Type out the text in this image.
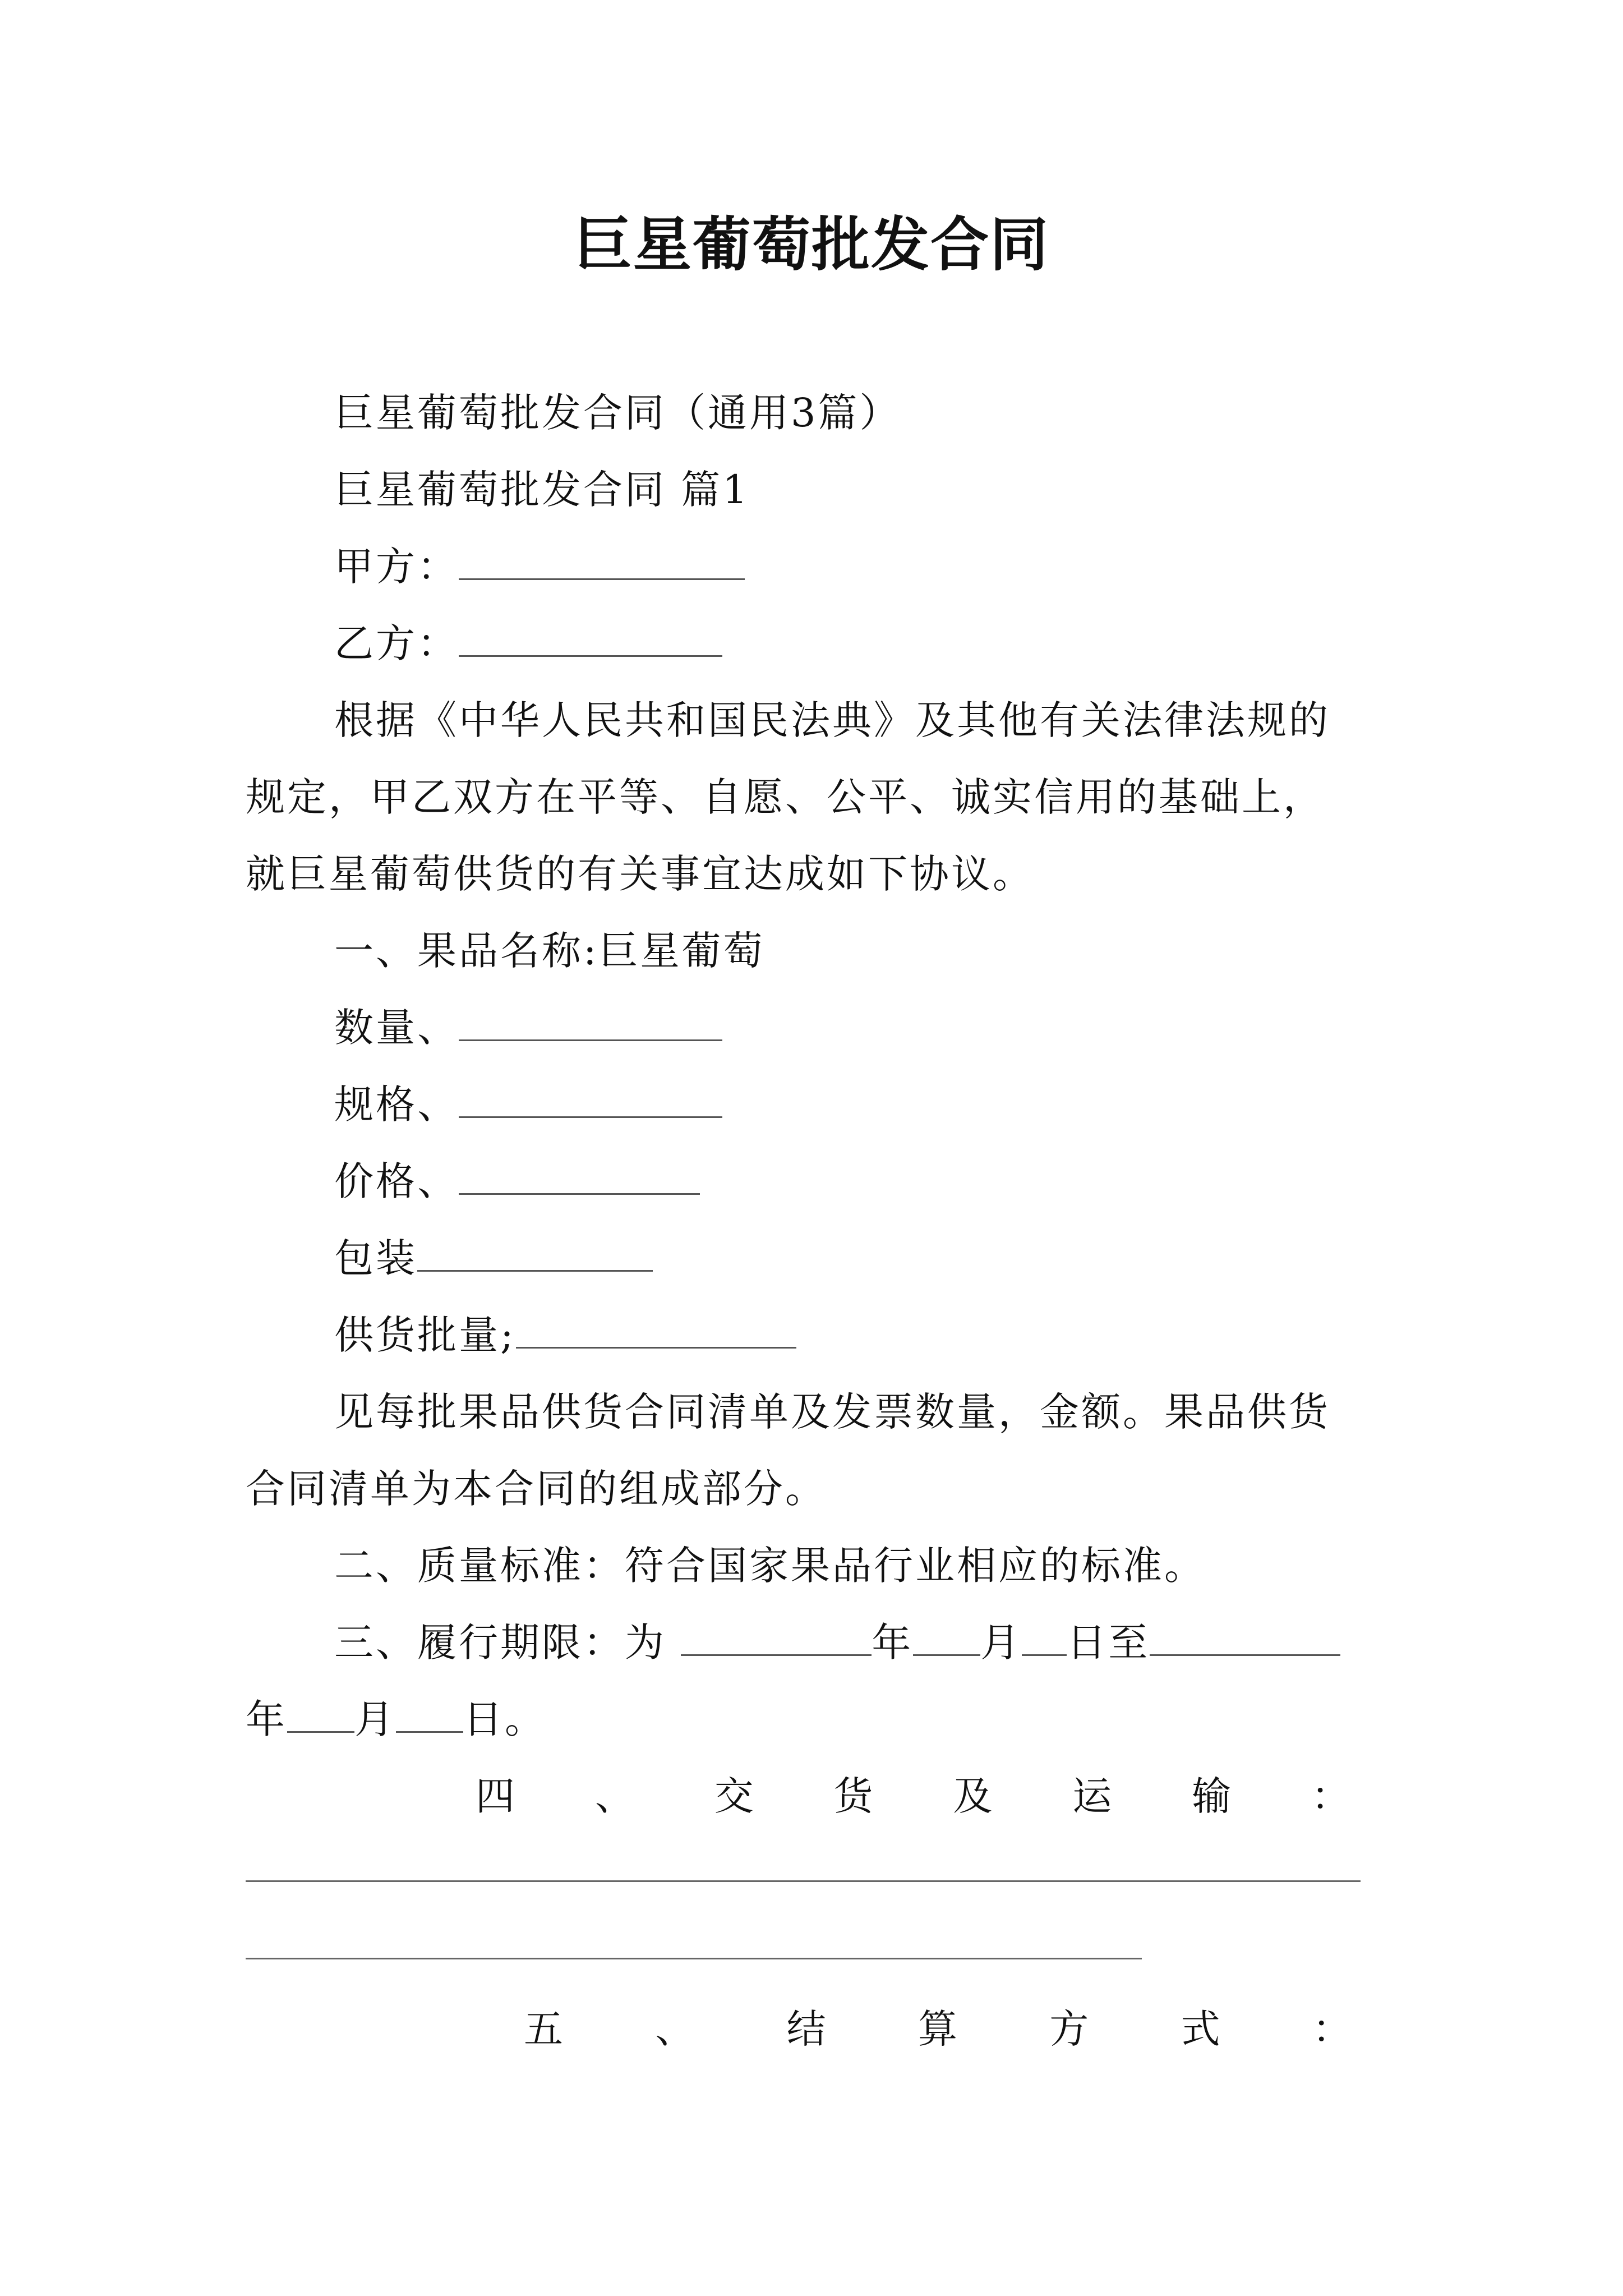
巨星葡萄批发合同
巨星葡萄批发合同（通用3篇）
巨星葡萄批发合同 篇1
甲方：
乙方：
根据《中华人民共和国民法典》及其他有关法律法规的
规定，甲乙双方在平等、自愿、公平、诚实信用的基础上，
就巨星葡萄供货的有关事宜达成如下协议。
一、果品名称:巨星葡萄
数量、
规格、
价格、
包装
供货批量;
见每批果品供货合同清单及发票数量，金额。果品供货
合同清单为本合同的组成部分。
二、质量标准：符合国家果品行业相应的标准。
三、履行期限：为	年 月 日至
年 月 日。
四 、 交 货 及 运 输 ：
五 、 结 算 方 式 ：
